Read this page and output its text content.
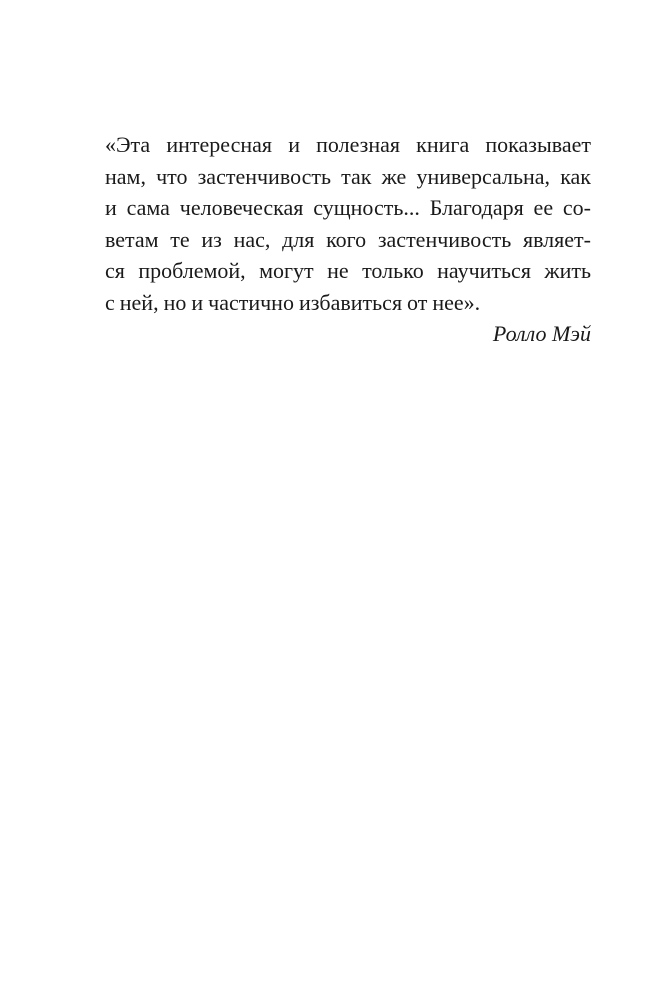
«Эта интересная и полезная книга показывает
нам, что застенчивость так же универсальна, как
и сама человеческая сущность... Благодаря ее со-
ветам те из нас, для кого застенчивость являет-
ся проблемой, могут не только научиться жить
с ней, но и частично избавиться от нее».
Ролло Мэй
